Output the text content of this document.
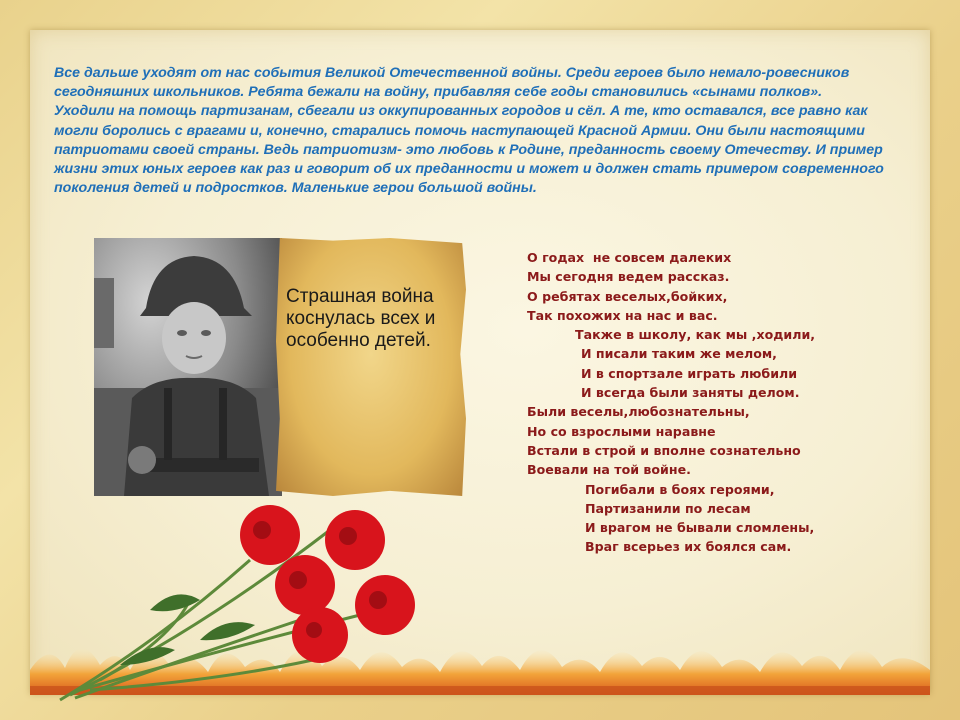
Все дальше уходят от нас события Великой Отечественной войны. Среди героев было немало-ровесников сегодняшних школьников. Ребята бежали на войну, прибавляя себе годы становились «сынами полков». Уходили на помощь партизанам, сбегали из оккупированных городов и сёл. А те, кто оставался, все равно как могли боролись с врагами и, конечно, старались помочь наступающей Красной Армии. Они были настоящими патриотами своей страны. Ведь патриотизм- это любовь к Родине, преданность своему Отечеству. И пример жизни этих юных героев как раз и говорит об их преданности и может и должен стать примером современного поколения детей и подростков. Маленькие герои большой войны.

Страшная война коснулась всех и особенно детей.

О годах  не совсем далеких
Мы сегодня ведем рассказ.
О ребятах веселых,бойких,
Так похожих на нас и вас.
Также в школу, как мы ,ходили,
И писали таким же мелом,
И в спортзале играть любили
И всегда были заняты делом.
Были веселы,любознательны,
Но со взрослыми наравне
Встали в строй и вполне сознательно
Воевали на той войне.
Погибали в боях героями,
Партизанили по лесам
И врагом не бывали сломлены,
Враг всерьез их боялся сам.
